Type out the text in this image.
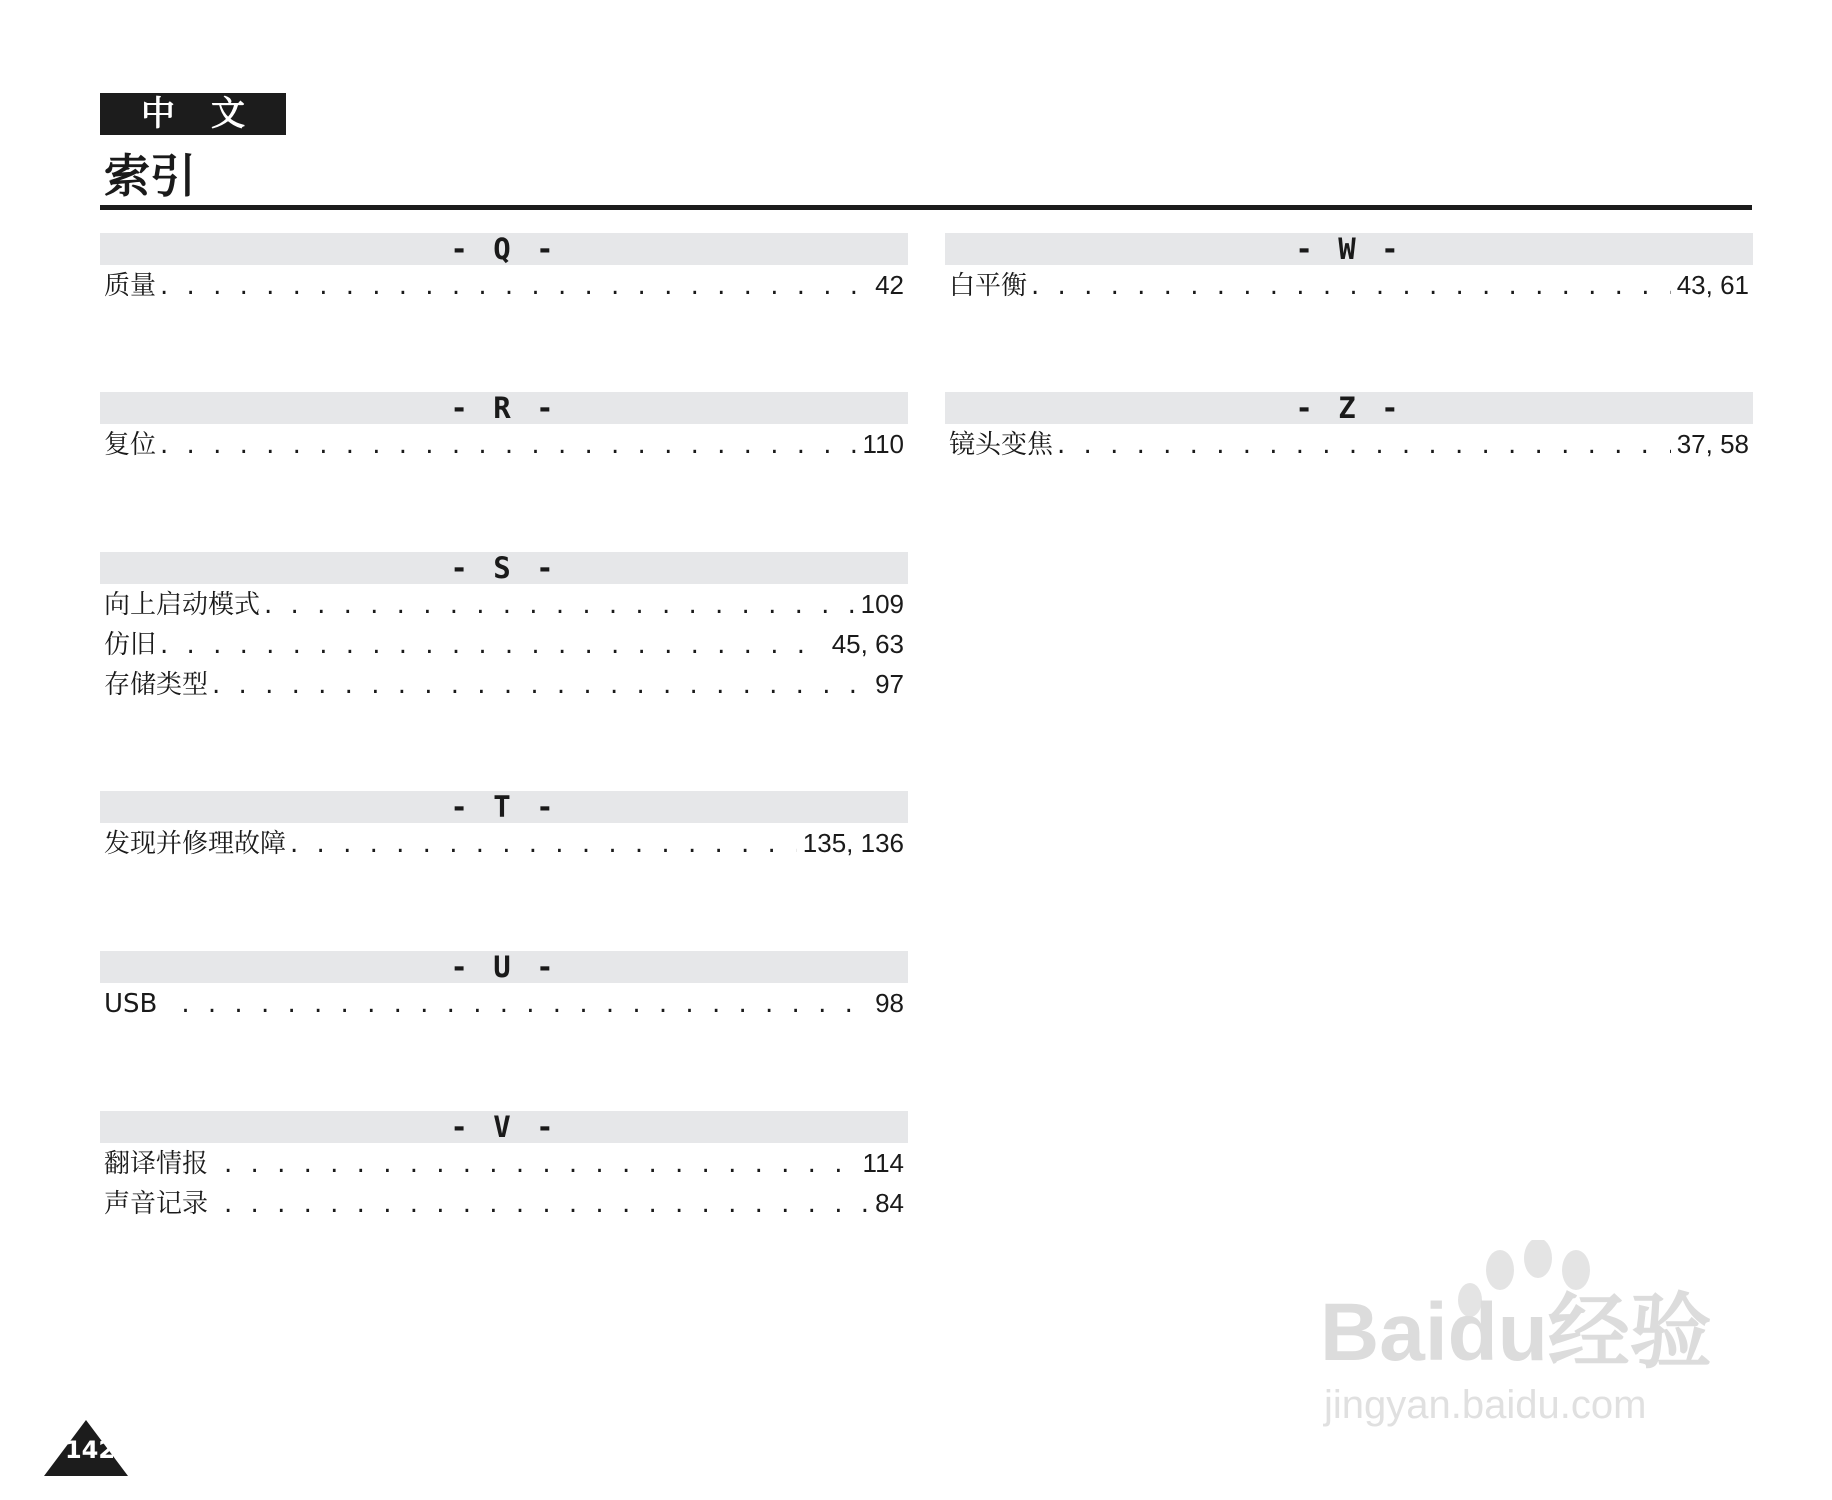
中文
索引
- Q -
质量 . . .	42
- R -
复位 . . .	110
- S -
向上启动模式 . . .	109
仿旧 . . .	45, 63
存储类型 . . .	97
- T -
发现并修理故障 . . .	135, 136
- U -
USB . . .	98
- V -
翻译情报 . . .	114
声音记录 . . .	84
- W -
白平衡 . . .	43, 61
- Z -
镜头变焦 . . .	37, 58
142
Baidu经验
jingyan.baidu.com
